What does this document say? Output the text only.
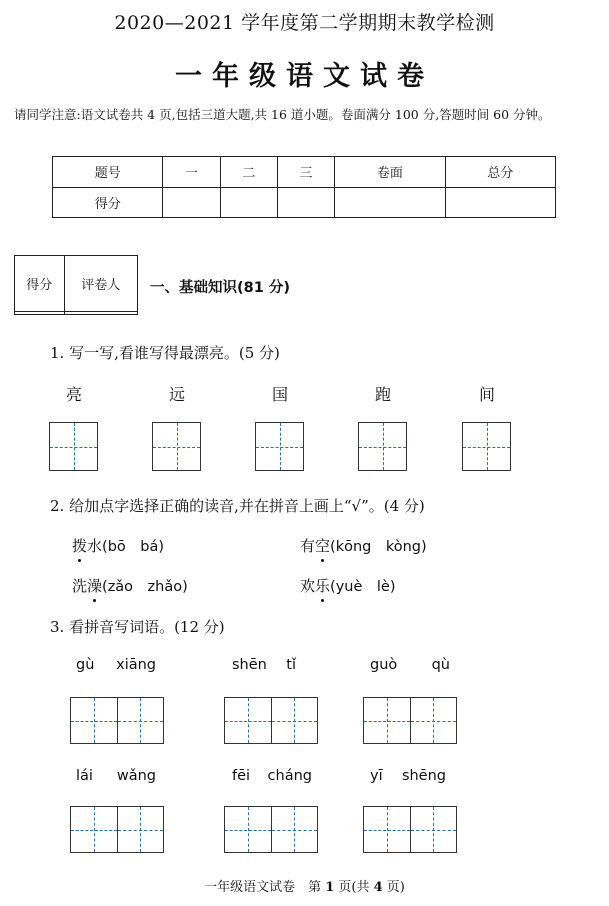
2020—2021 学年度第二学期期末教学检测
一年级语文试卷
请同学注意:语文试卷共 4 页,包括三道大题,共 16 道小题。卷面满分 100 分,答题时间 60 分钟。
题号	一	二	三	卷面	总分
得分					
得分	评卷人
	一、基础知识(81 分)
1. 写一写,看谁写得最漂亮。(5 分)
亮	远	国	跑	间
2. 给加点字选择正确的读音,并在拼音上画上“√”。(4 分)
拨水(bō　bá)	有空(kōng　kòng)
洗澡(zǎo　zhǎo)	欢乐(yuè　lè)
3. 看拼音写词语。(12 分)
gù xiāng	shēn tǐ	guò qù
lái wǎng	fēi cháng	yī shēng
一年级语文试卷　第 1 页(共 4 页)
